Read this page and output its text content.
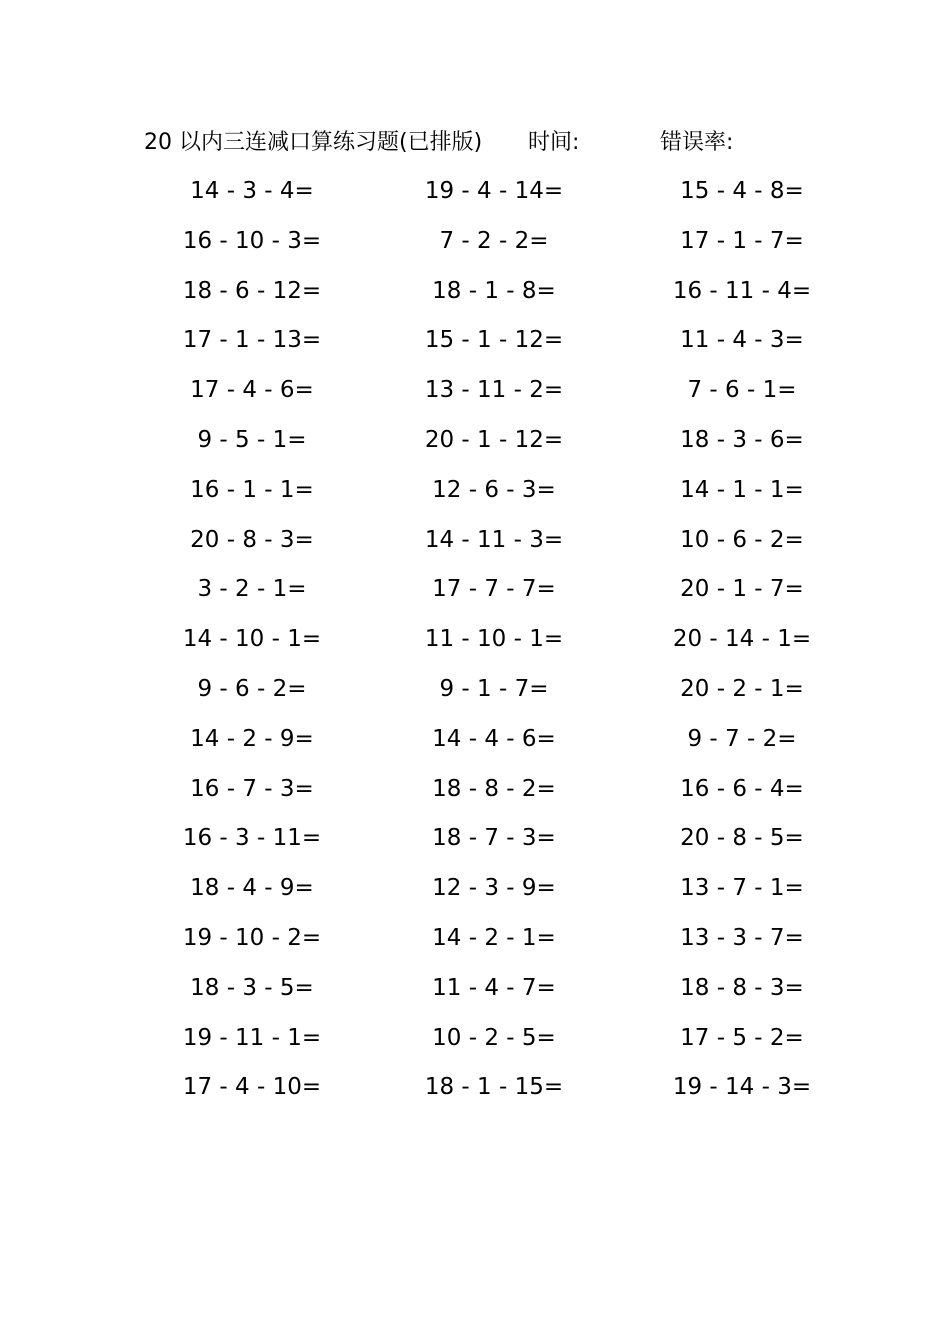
20 以内三连减口算练习题(已排版) 时间:	错误率:
14 - 3 - 4=	19 - 4 - 14=	15 - 4 - 8=
16 - 10 - 3=	7 - 2 - 2=	17 - 1 - 7=
18 - 6 - 12=	18 - 1 - 8=	16 - 11 - 4=
17 - 1 - 13=	15 - 1 - 12=	11 - 4 - 3=
17 - 4 - 6=	13 - 11 - 2=	7 - 6 - 1=
9 - 5 - 1=	20 - 1 - 12=	18 - 3 - 6=
16 - 1 - 1=	12 - 6 - 3=	14 - 1 - 1=
20 - 8 - 3=	14 - 11 - 3=	10 - 6 - 2=
3 - 2 - 1=	17 - 7 - 7=	20 - 1 - 7=
14 - 10 - 1=	11 - 10 - 1=	20 - 14 - 1=
9 - 6 - 2=	9 - 1 - 7=	20 - 2 - 1=
14 - 2 - 9=	14 - 4 - 6=	9 - 7 - 2=
16 - 7 - 3=	18 - 8 - 2=	16 - 6 - 4=
16 - 3 - 11=	18 - 7 - 3=	20 - 8 - 5=
18 - 4 - 9=	12 - 3 - 9=	13 - 7 - 1=
19 - 10 - 2=	14 - 2 - 1=	13 - 3 - 7=
18 - 3 - 5=	11 - 4 - 7=	18 - 8 - 3=
19 - 11 - 1=	10 - 2 - 5=	17 - 5 - 2=
17 - 4 - 10=	18 - 1 - 15=	19 - 14 - 3=
